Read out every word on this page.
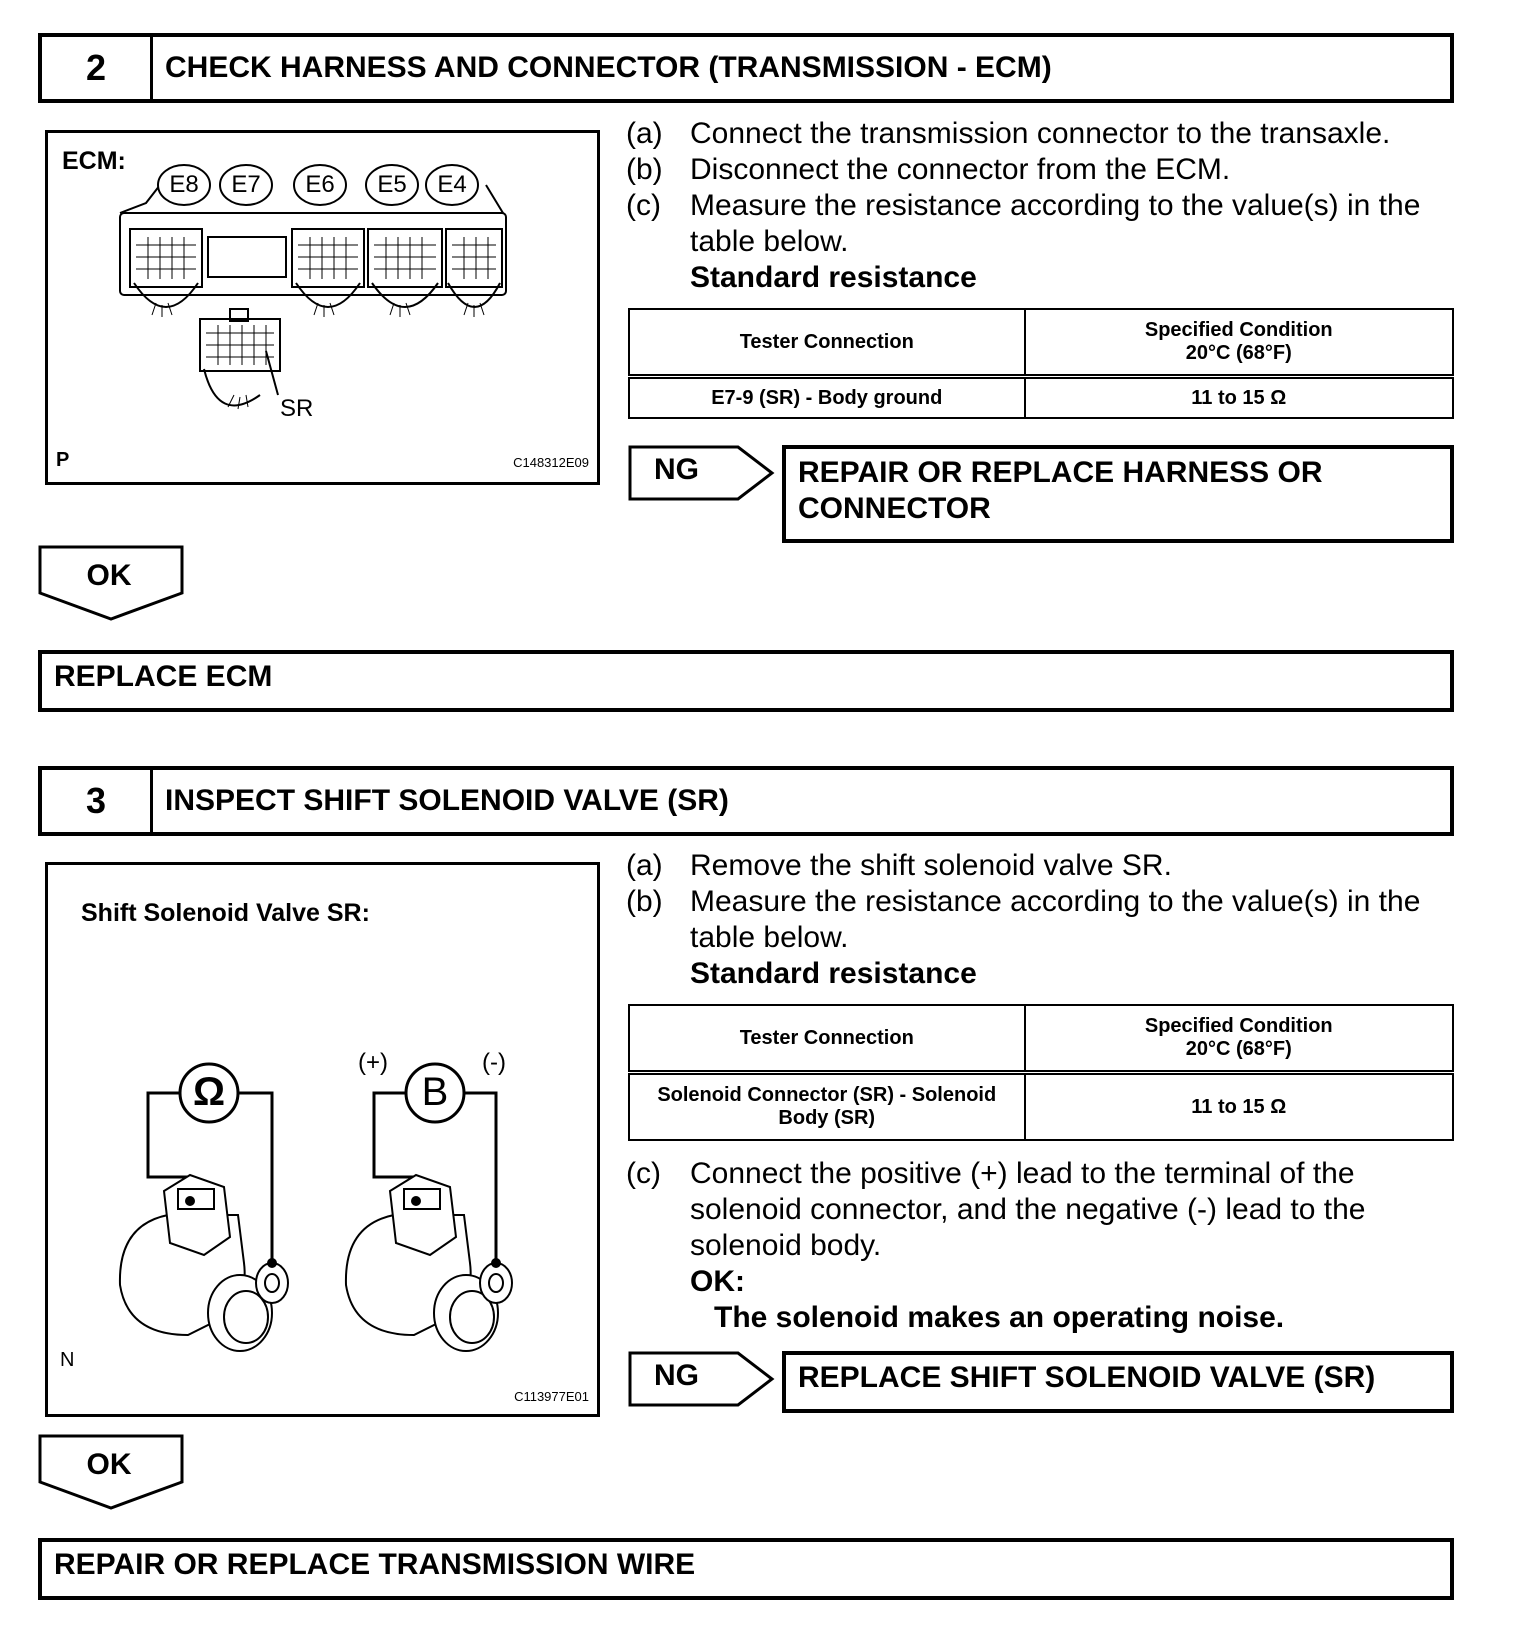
2	CHECK HARNESS AND CONNECTOR (TRANSMISSION - ECM)
ECM:
E8	E7	E6	E5	E4
SR
P	C148312E09
(a) Connect the transmission connector to the transaxle.
(b) Disconnect the connector from the ECM.
(c) Measure the resistance according to the value(s) in the table below.
Standard resistance
Tester Connection	Specified Condition
20°C (68°F)
E7-9 (SR) - Body ground	11 to 15 Ω
NG	REPAIR OR REPLACE HARNESS OR CONNECTOR
OK
REPLACE ECM
3	INSPECT SHIFT SOLENOID VALVE (SR)
Shift Solenoid Valve SR:
Ω	B
(+)	(-)
N
C113977E01
(a) Remove the shift solenoid valve SR.
(b) Measure the resistance according to the value(s) in the table below.
Standard resistance
Tester Connection	Specified Condition
20°C (68°F)
Solenoid Connector (SR) - Solenoid Body (SR)	11 to 15 Ω
(c) Connect the positive (+) lead to the terminal of the solenoid connector, and the negative (-) lead to the solenoid body.
OK:
The solenoid makes an operating noise.
NG	REPLACE SHIFT SOLENOID VALVE (SR)
OK
REPAIR OR REPLACE TRANSMISSION WIRE
